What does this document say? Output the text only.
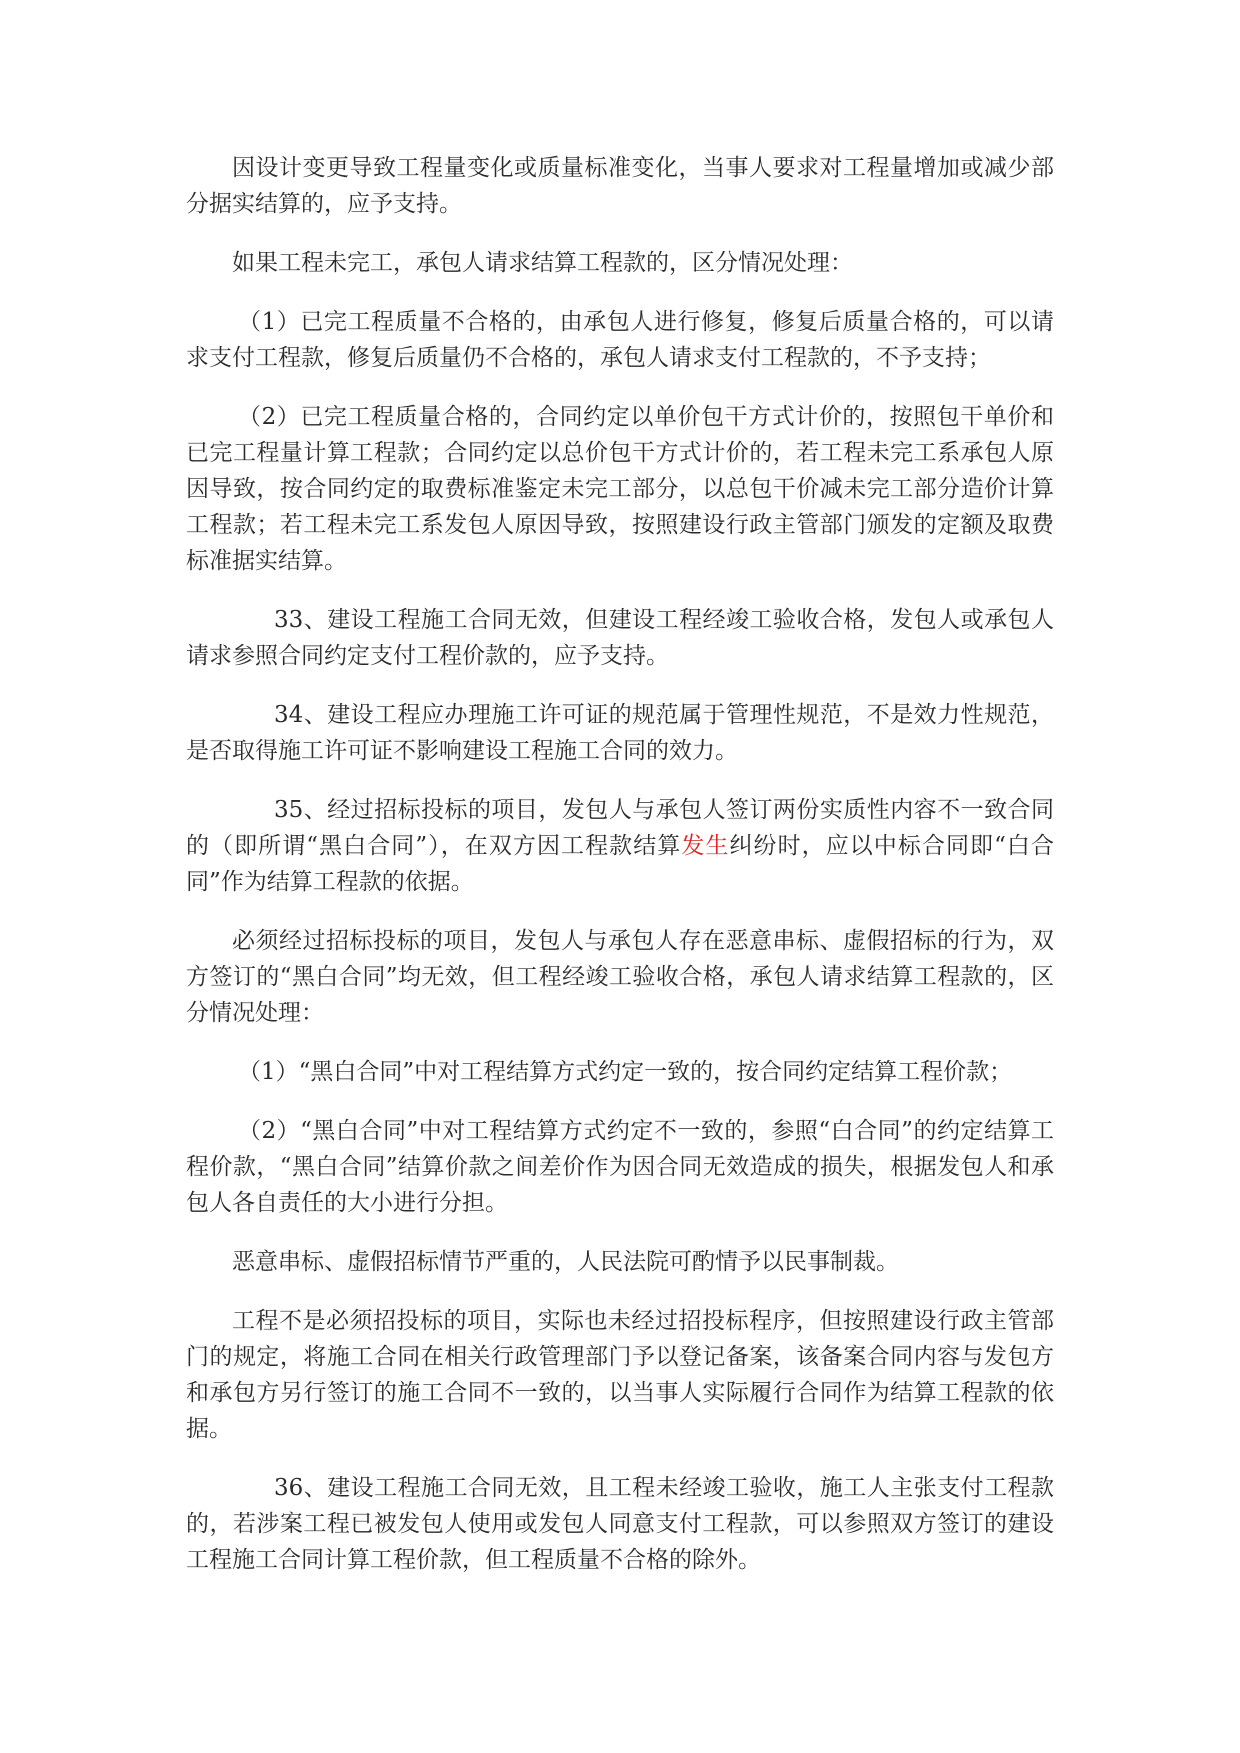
因设计变更导致工程量变化或质量标准变化，当事人要求对工程量增加或减少部分据实结算的，应予支持。

如果工程未完工，承包人请求结算工程款的，区分情况处理：

（1）已完工程质量不合格的，由承包人进行修复，修复后质量合格的，可以请求支付工程款，修复后质量仍不合格的，承包人请求支付工程款的，不予支持；

（2）已完工程质量合格的，合同约定以单价包干方式计价的，按照包干单价和已完工程量计算工程款；合同约定以总价包干方式计价的，若工程未完工系承包人原因导致，按合同约定的取费标准鉴定未完工部分，以总包干价减未完工部分造价计算工程款；若工程未完工系发包人原因导致，按照建设行政主管部门颁发的定额及取费标准据实结算。

33、建设工程施工合同无效，但建设工程经竣工验收合格，发包人或承包人请求参照合同约定支付工程价款的，应予支持。

34、建设工程应办理施工许可证的规范属于管理性规范，不是效力性规范，是否取得施工许可证不影响建设工程施工合同的效力。

35、经过招标投标的项目，发包人与承包人签订两份实质性内容不一致合同的（即所谓“黑白合同”），在双方因工程款结算发生纠纷时，应以中标合同即“白合同”作为结算工程款的依据。

必须经过招标投标的项目，发包人与承包人存在恶意串标、虚假招标的行为，双方签订的“黑白合同”均无效，但工程经竣工验收合格，承包人请求结算工程款的，区分情况处理：

（1）“黑白合同”中对工程结算方式约定一致的，按合同约定结算工程价款；

（2）“黑白合同”中对工程结算方式约定不一致的，参照“白合同”的约定结算工程价款，“黑白合同”结算价款之间差价作为因合同无效造成的损失，根据发包人和承包人各自责任的大小进行分担。

恶意串标、虚假招标情节严重的，人民法院可酌情予以民事制裁。

工程不是必须招投标的项目，实际也未经过招投标程序，但按照建设行政主管部门的规定，将施工合同在相关行政管理部门予以登记备案，该备案合同内容与发包方和承包方另行签订的施工合同不一致的，以当事人实际履行合同作为结算工程款的依据。

36、建设工程施工合同无效，且工程未经竣工验收，施工人主张支付工程款的，若涉案工程已被发包人使用或发包人同意支付工程款，可以参照双方签订的建设工程施工合同计算工程价款，但工程质量不合格的除外。
